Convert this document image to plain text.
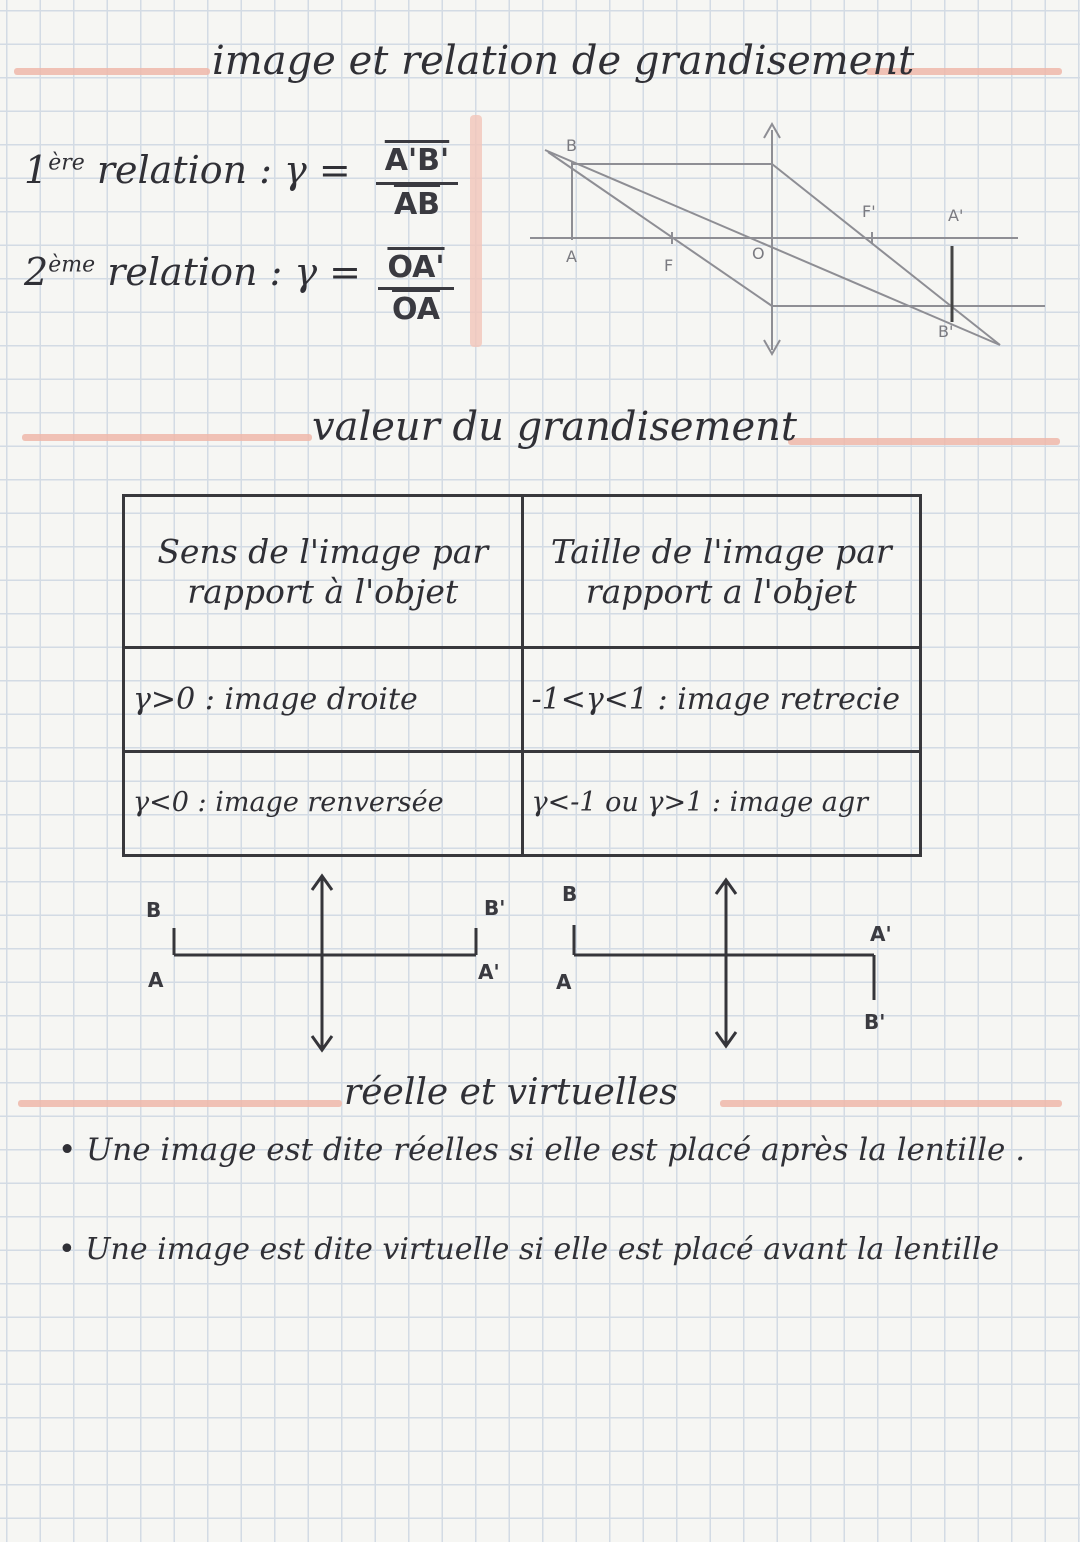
image et relation de grandisement
1ère relation : $\gamma = \frac{A'B'}{AB}$
2ème relation : $\gamma = \frac{OA'}{OA}$
B
A	F
O
F'	A'
B'
valeur du grandisement
Sens de l'image par rapport à l'objet	Taille de l'image par rapport a l'objet
γ>0 : image droite	-1<γ<1 : image retrecie
γ<0 : image renversée	γ<-1 ou γ>1 : image agr
B
A
B'
A'
B
A
A'
B'
réelle et virtuelles
• Une image est dite réelles si elle est placé après la lentille .
• Une image est dite virtuelle si elle est placé avant la lentille
